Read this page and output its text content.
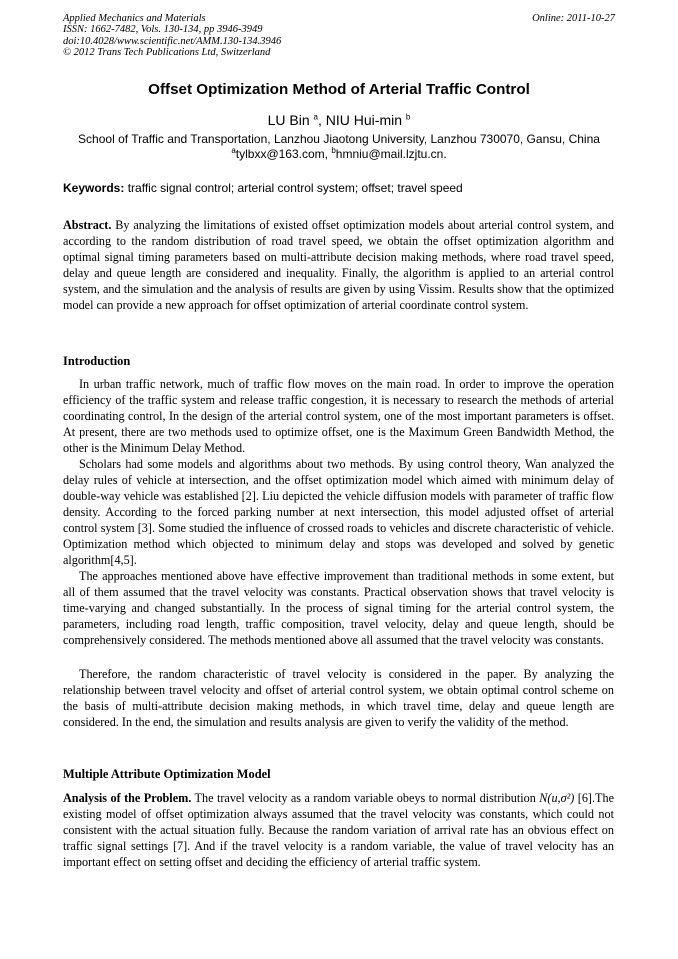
Applied Mechanics and Materials
ISSN: 1662-7482, Vols. 130-134, pp 3946-3949
doi:10.4028/www.scientific.net/AMM.130-134.3946
© 2012 Trans Tech Publications Ltd, Switzerland
Online: 2011-10-27
Offset Optimization Method of Arterial Traffic Control
LU Bin $^a$, NIU Hui-min $^b$
School of Traffic and Transportation, Lanzhou Jiaotong University, Lanzhou 730070, Gansu, China
$^a$tylbxx@163.com, $^b$hmniu@mail.lzjtu.cn.
Keywords: traffic signal control; arterial control system; offset; travel speed

Abstract. By analyzing the limitations of existed offset optimization models about arterial control system, and according to the random distribution of road travel speed, we obtain the offset optimization algorithm and optimal signal timing parameters based on multi-attribute decision making methods, where road travel speed, delay and queue length are considered and inequality. Finally, the algorithm is applied to an arterial control system, and the simulation and the analysis of results are given by using Vissim. Results show that the optimized model can provide a new approach for offset optimization of arterial coordinate control system.

Introduction

In urban traffic network, much of traffic flow moves on the main road. In order to improve the operation efficiency of the traffic system and release traffic congestion, it is necessary to research the methods of arterial coordinating control, In the design of the arterial control system, one of the most important parameters is offset. At present, there are two methods used to optimize offset, one is the Maximum Green Bandwidth Method, the other is the Minimum Delay Method.

Scholars had some models and algorithms about two methods. By using control theory, Wan analyzed the delay rules of vehicle at intersection, and the offset optimization model which aimed with minimum delay of double-way vehicle was established [2]. Liu depicted the vehicle diffusion models with parameter of traffic flow density. According to the forced parking number at next intersection, this model adjusted offset of arterial control system [3]. Some studied the influence of crossed roads to vehicles and discrete characteristic of vehicle. Optimization method which objected to minimum delay and stops was developed and solved by genetic algorithm[4,5].

The approaches mentioned above have effective improvement than traditional methods in some extent, but all of them assumed that the travel velocity was constants. Practical observation shows that travel velocity is time-varying and changed substantially. In the process of signal timing for the arterial control system, the parameters, including road length, traffic composition, travel velocity, delay and queue length, should be comprehensively considered. The methods mentioned above all assumed that the travel velocity was constants.

Therefore, the random characteristic of travel velocity is considered in the paper. By analyzing the relationship between travel velocity and offset of arterial control system, we obtain optimal control scheme on the basis of multi-attribute decision making methods, in which travel time, delay and queue length are considered. In the end, the simulation and results analysis are given to verify the validity of the method.

Multiple Attribute Optimization Model

Analysis of the Problem. The travel velocity as a random variable obeys to normal distribution N(u,σ²) [6].The existing model of offset optimization always assumed that the travel velocity was constants, which could not consistent with the actual situation fully. Because the random variation of arrival rate has an obvious effect on traffic signal settings [7]. And if the travel velocity is a random variable, the value of travel velocity has an important effect on setting offset and deciding the efficiency of arterial traffic system.
